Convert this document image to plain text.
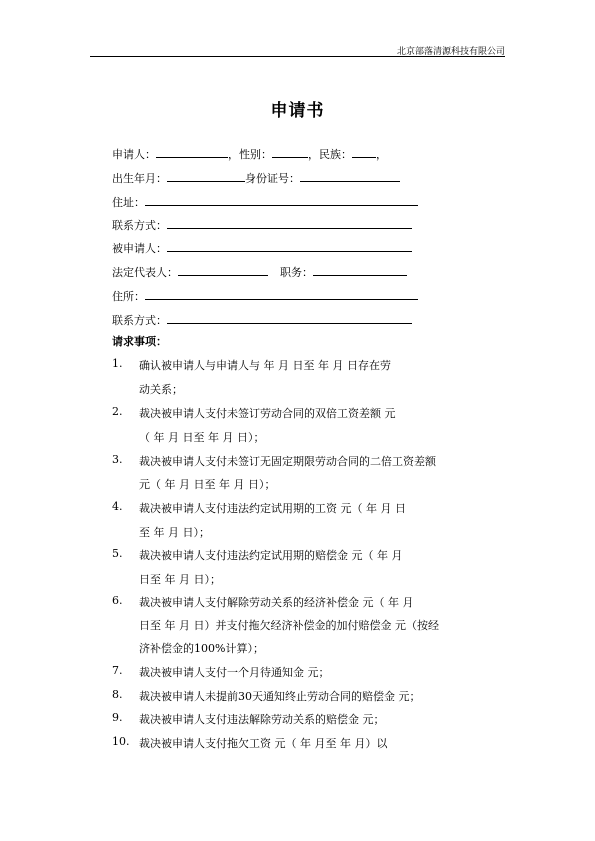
北京部落清源科技有限公司
申请书
申请人：	，性别：	，民族： ，
出生年月：	身份证号：
住址：
联系方式：
被申请人：
法定代表人：	职务：
住所：
联系方式：
请求事项：
1.	确认被申请人与申请人与 年 月 日至 年 月 日存在劳
动关系；
2.	裁决被申请人支付未签订劳动合同的双倍工资差额 元
（ 年 月 日至 年 月 日）；
3.	裁决被申请人支付未签订无固定期限劳动合同的二倍工资差额
元（ 年 月 日至 年 月 日）；
4.	裁决被申请人支付违法约定试用期的工资 元（ 年 月 日
至 年 月 日）；
5.	裁决被申请人支付违法约定试用期的赔偿金 元（ 年 月
日至 年 月 日）；
6.	裁决被申请人支付解除劳动关系的经济补偿金 元（ 年 月
日至 年 月 日）并支付拖欠经济补偿金的加付赔偿金 元（按经
济补偿金的100%计算）；
7.	裁决被申请人支付一个月待通知金 元；
8.	裁决被申请人未提前30天通知终止劳动合同的赔偿金 元；
9.	裁决被申请人支付违法解除劳动关系的赔偿金 元；
10. 裁决被申请人支付拖欠工资 元（ 年 月至 年 月）以
